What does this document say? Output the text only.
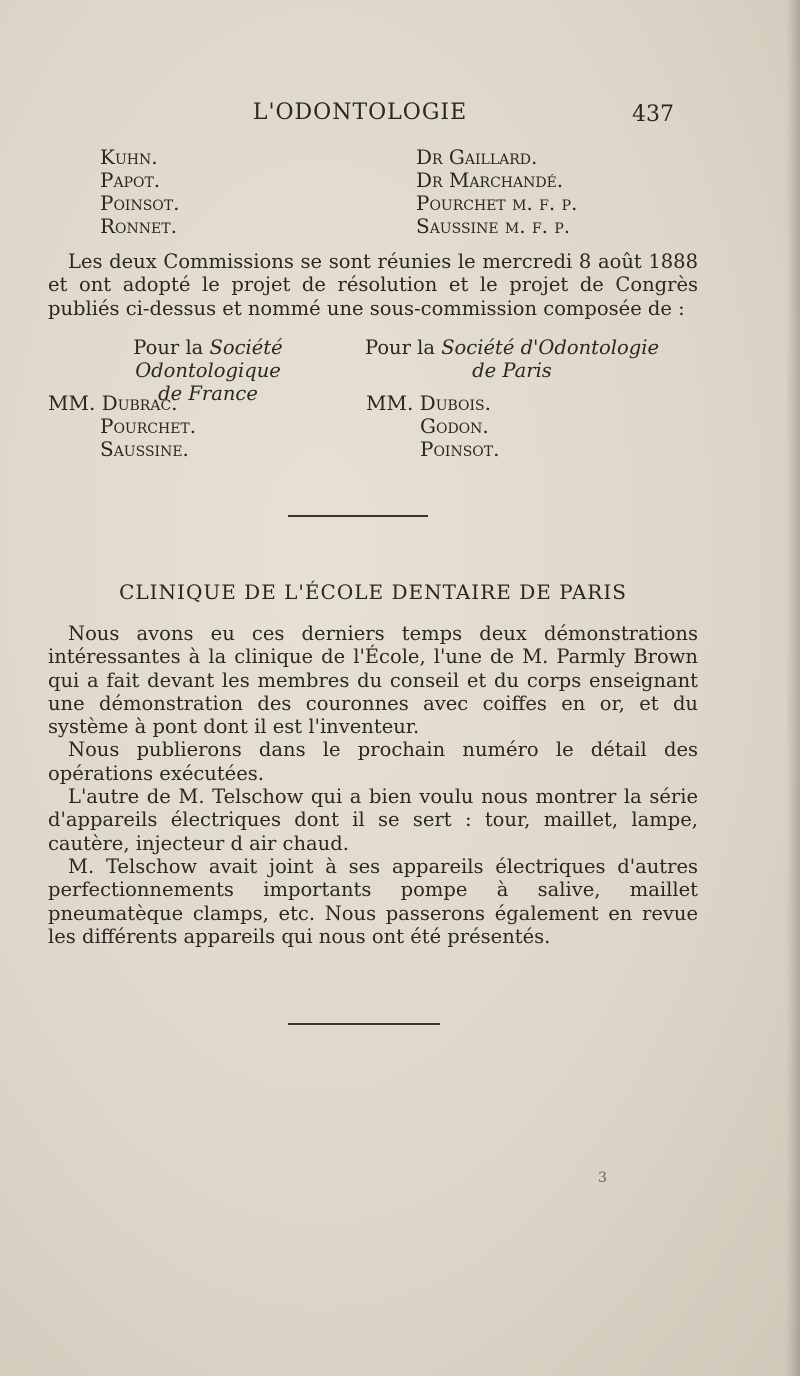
L'ODONTOLOGIE	437
Kuhn.
Papot.
Poinsot.
Ronnet.
Dr Gaillard.
Dr Marchandé.
Pourchet m. f. p.
Saussine m. f. p.

Les deux Commissions se sont réunies le mercredi 8 août 1888 et ont adopté le projet de résolution et le projet de Congrès publiés ci-dessus et nommé une sous-commission composée de :

Pour la Société Odontologique
de France
Pour la Société d'Odontologie
de Paris
MM. Dubrac.
Pourchet.
Saussine.
MM. Dubois.
Godon.
Poinsot.
CLINIQUE DE L'ÉCOLE DENTAIRE DE PARIS

Nous avons eu ces derniers temps deux démonstrations intéressantes à la clinique de l'École, l'une de M. Parmly Brown qui a fait devant les membres du conseil et du corps enseignant une démonstration des couronnes avec coiffes en or, et du système à pont dont il est l'inventeur.

Nous publierons dans le prochain numéro le détail des opérations exécutées.

L'autre de M. Telschow qui a bien voulu nous montrer la série d'appareils électriques dont il se sert : tour, maillet, lampe, cautère, injecteur d air chaud.

M. Telschow avait joint à ses appareils électriques d'autres perfectionnements importants pompe à salive, maillet pneumatèque clamps, etc. Nous passerons également en revue les différents appareils qui nous ont été présentés.

3
